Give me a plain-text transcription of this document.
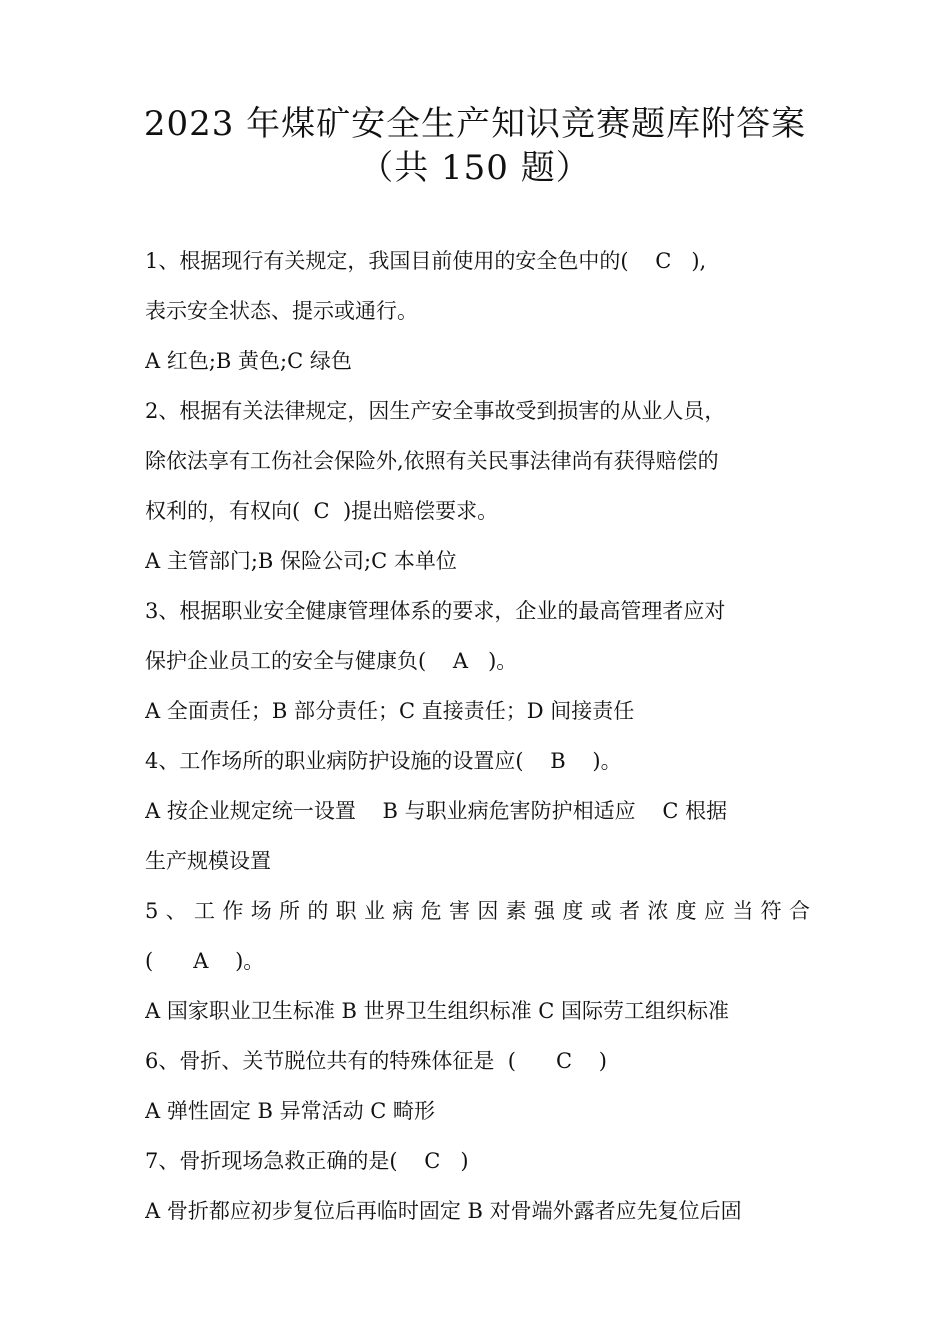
2023 年煤矿安全生产知识竞赛题库附答案
（共 150 题）
1、根据现行有关规定，我国目前使用的安全色中的(    C   ),
表示安全状态、提示或通行。
A 红色;B 黄色;C 绿色
2、根据有关法律规定，因生产安全事故受到损害的从业人员，
除依法享有工伤社会保险外,依照有关民事法律尚有获得赔偿的
权利的，有权向(  C  )提出赔偿要求。
A 主管部门;B 保险公司;C 本单位
3、根据职业安全健康管理体系的要求，企业的最高管理者应对
保护企业员工的安全与健康负(    A   )。
A 全面责任；B 部分责任；C 直接责任；D 间接责任
4、工作场所的职业病防护设施的设置应(    B    )。
A 按企业规定统一设置    B 与职业病危害防护相适应    C 根据
生产规模设置
5、工作场所的职业病危害因素强度或者浓度应当符合
(      A    )。
A 国家职业卫生标准 B 世界卫生组织标准 C 国际劳工组织标准
6、骨折、关节脱位共有的特殊体征是  (      C    )
A 弹性固定 B 异常活动 C 畸形
7、骨折现场急救正确的是(    C   )
A 骨折都应初步复位后再临时固定 B 对骨端外露者应先复位后固
